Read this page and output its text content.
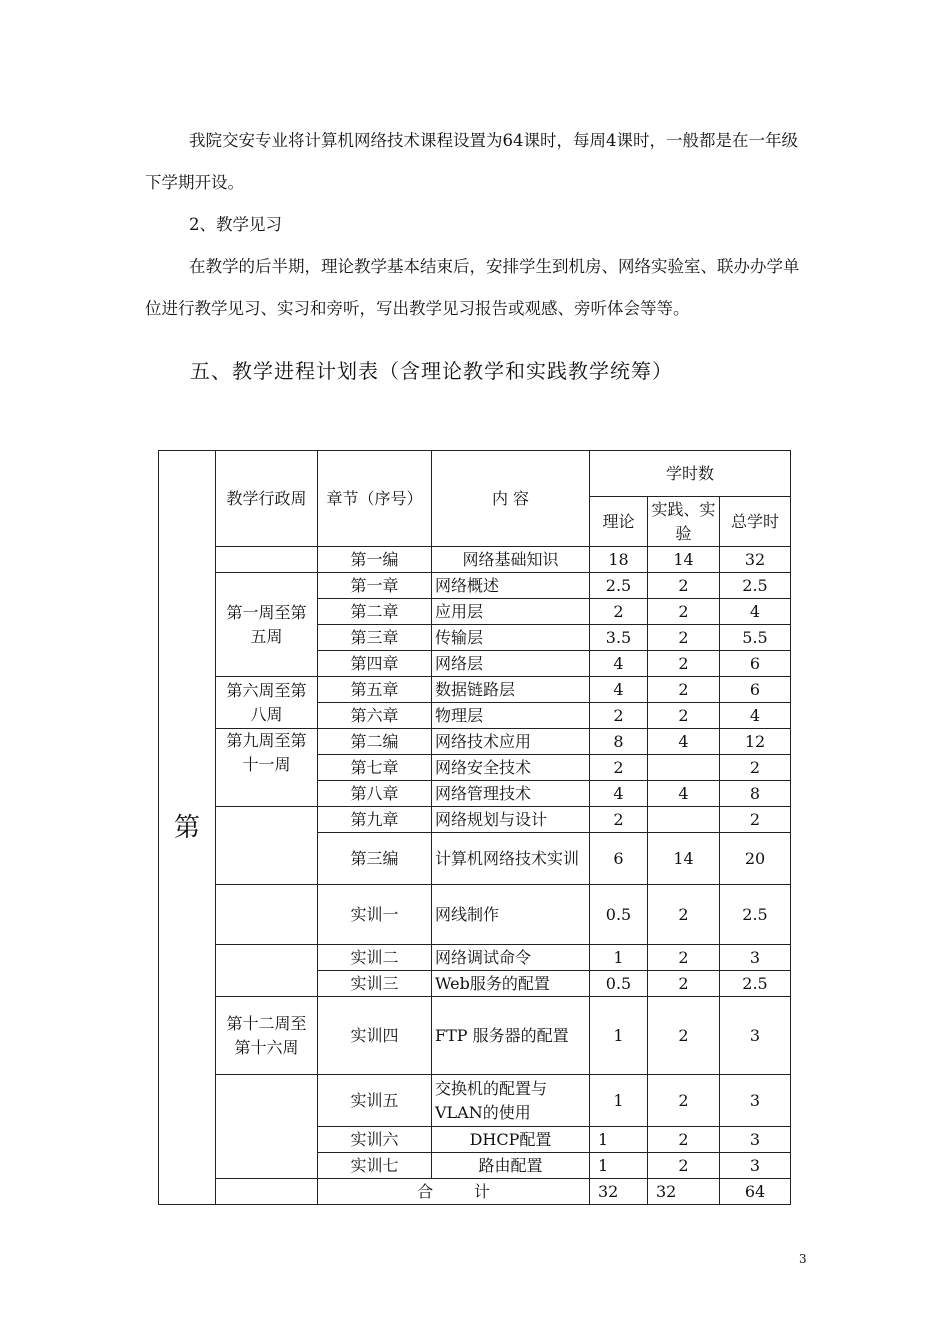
我院交安专业将计算机网络技术课程设置为64课时，每周4课时，一般都是在一年级下学期开设。

2、教学见习

在教学的后半期，理论教学基本结束后，安排学生到机房、网络实验室、联办办学单位进行教学见习、实习和旁听，写出教学见习报告或观感、旁听体会等等。

五、教学进程计划表（含理论教学和实践教学统筹）
第	教学行政周	章节（序号）	内 容	学时数		
				理论	实践、实验	总学时
		第一编	网络基础知识	18	14	32
	第一周至第五周	第一章	网络概述	2.5	2	2.5
		第二章	应用层	2	2	4
		第三章	传输层	3.5	2	5.5
		第四章	网络层	4	2	6
	第六周至第八周	第五章	数据链路层	4	2	6
		第六章	物理层	2	2	4
	第九周至第十一周	第二编	网络技术应用	8	4	12
		第七章	网络安全技术	2		2
		第八章	网络管理技术	4	4	8
		第九章	网络规划与设计	2		2
		第三编	计算机网络技术实训	6	14	20
		实训一	网线制作	0.5	2	2.5
		实训二	网络调试命令	1	2	3
		实训三	Web服务的配置	0.5	2	2.5
	第十二周至第十六周	实训四	FTP 服务器的配置	1	2	3
		实训五	交换机的配置与VLAN的使用	1	2	3
		实训六	DHCP配置	1	2	3
		实训七	路由配置	1	2	3
		合        计		32	32	64
3
